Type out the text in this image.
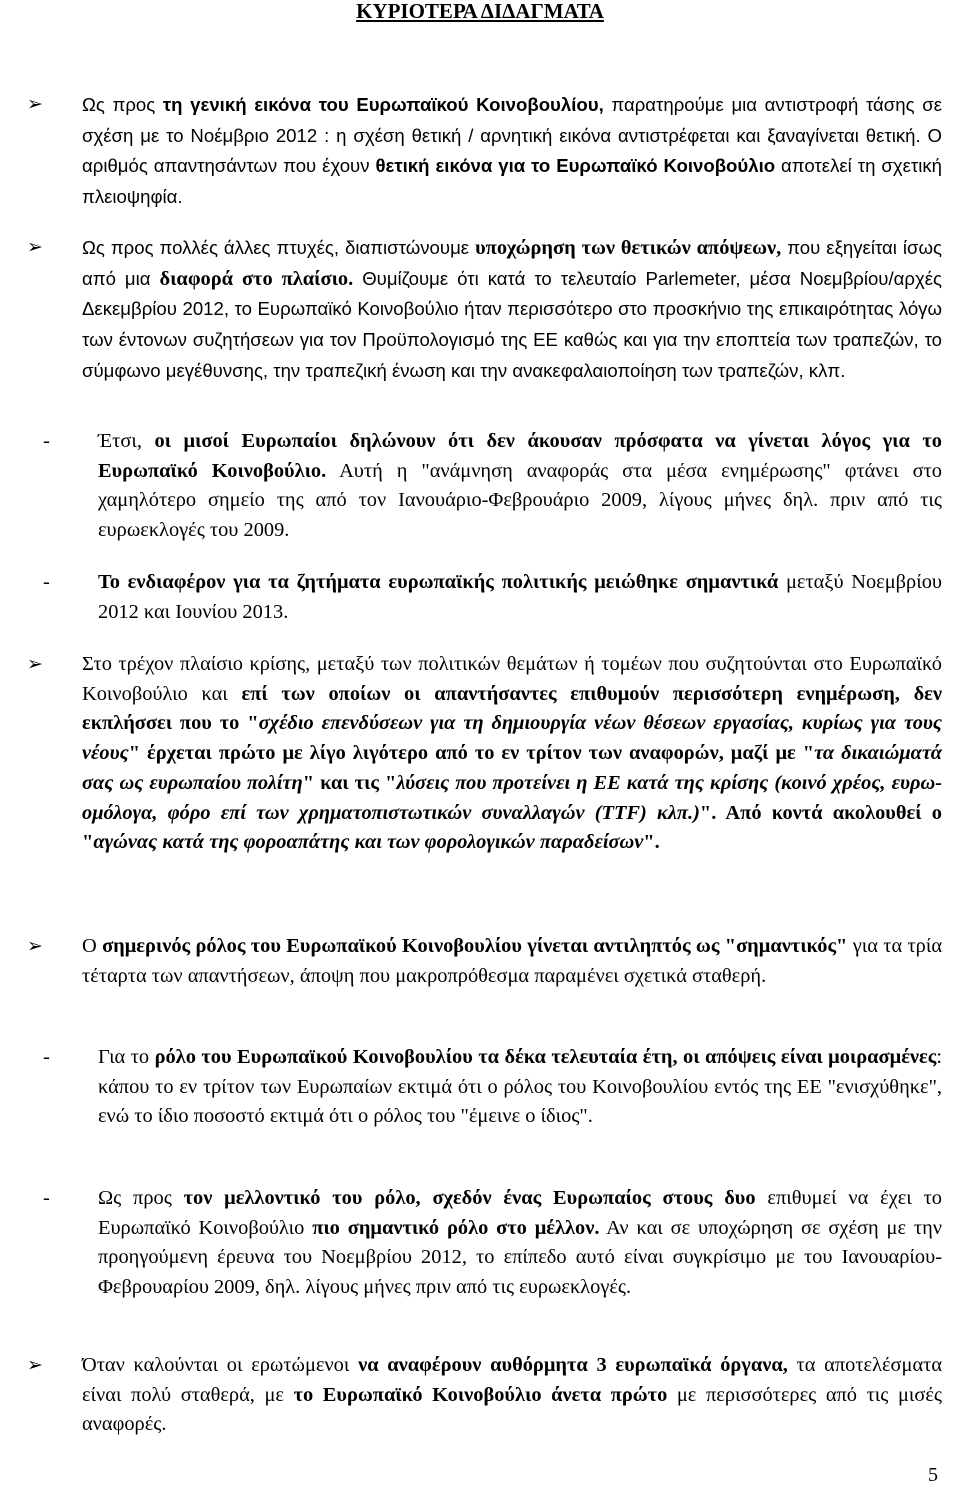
ΚΥΡΙΟΤΕΡΑ ΔΙΔΑΓΜΑΤΑ
➢ Ως προς τη γενική εικόνα του Ευρωπαϊκού Κοινοβουλίου, παρατηρούμε μια αντιστροφή τάσης σε σχέση με το Νοέμβριο 2012 : η σχέση θετική / αρνητική εικόνα αντιστρέφεται και ξαναγίνεται θετική. Ο αριθμός απαντησάντων που έχουν θετική εικόνα για το Ευρωπαϊκό Κοινοβούλιο αποτελεί τη σχετική πλειοψηφία.
➢ Ως προς πολλές άλλες πτυχές, διαπιστώνουμε υποχώρηση των θετικών απόψεων, που εξηγείται ίσως από μια διαφορά στο πλαίσιο. Θυμίζουμε ότι κατά το τελευταίο Parlemeter, μέσα Νοεμβρίου/αρχές Δεκεμβρίου 2012, το Ευρωπαϊκό Κοινοβούλιο ήταν περισσότερο στο προσκήνιο της επικαιρότητας λόγω των έντονων συζητήσεων για τον Προϋπολογισμό της ΕΕ καθώς και για την εποπτεία των τραπεζών, το σύμφωνο μεγέθυνσης, την τραπεζική ένωση και την ανακεφαλαιοποίηση των τραπεζών, κλπ.
- Έτσι, οι μισοί Ευρωπαίοι δηλώνουν ότι δεν άκουσαν πρόσφατα να γίνεται λόγος για το Ευρωπαϊκό Κοινοβούλιο. Αυτή η "ανάμνηση αναφοράς στα μέσα ενημέρωσης" φτάνει στο χαμηλότερο σημείο της από τον Ιανουάριο-Φεβρουάριο 2009, λίγους μήνες δηλ. πριν από τις ευρωεκλογές του 2009.
- Το ενδιαφέρον για τα ζητήματα ευρωπαϊκής πολιτικής μειώθηκε σημαντικά μεταξύ Νοεμβρίου 2012 και Ιουνίου 2013.
➢ Στο τρέχον πλαίσιο κρίσης, μεταξύ των πολιτικών θεμάτων ή τομέων που συζητούνται στο Ευρωπαϊκό Κοινοβούλιο και επί των οποίων οι απαντήσαντες επιθυμούν περισσότερη ενημέρωση, δεν εκπλήσσει που το "σχέδιο επενδύσεων για τη δημιουργία νέων θέσεων εργασίας, κυρίως για τους νέους" έρχεται πρώτο με λίγο λιγότερο από το εν τρίτον των αναφορών, μαζί με "τα δικαιώματά σας ως ευρωπαίου πολίτη" και τις "λύσεις που προτείνει η ΕΕ κατά της κρίσης (κοινό χρέος, ευρω-ομόλογα, φόρο επί των χρηματοπιστωτικών συναλλαγών (TTF) κλπ.)". Από κοντά ακολουθεί ο "αγώνας κατά της φοροαπάτης και των φορολογικών παραδείσων".
➢ Ο σημερινός ρόλος του Ευρωπαϊκού Κοινοβουλίου γίνεται αντιληπτός ως "σημαντικός" για τα τρία τέταρτα των απαντήσεων, άποψη που μακροπρόθεσμα παραμένει σχετικά σταθερή.
- Για το ρόλο του Ευρωπαϊκού Κοινοβουλίου τα δέκα τελευταία έτη, οι απόψεις είναι μοιρασμένες: κάπου το εν τρίτον των Ευρωπαίων εκτιμά ότι ο ρόλος του Κοινοβουλίου εντός της ΕΕ "ενισχύθηκε", ενώ το ίδιο ποσοστό εκτιμά ότι ο ρόλος του "έμεινε ο ίδιος".
- Ως προς τον μελλοντικό του ρόλο, σχεδόν ένας Ευρωπαίος στους δυο επιθυμεί να έχει το Ευρωπαϊκό Κοινοβούλιο πιο σημαντικό ρόλο στο μέλλον. Αν και σε υποχώρηση σε σχέση με την προηγούμενη έρευνα του Νοεμβρίου 2012, το επίπεδο αυτό είναι συγκρίσιμο με του Ιανουαρίου-Φεβρουαρίου 2009, δηλ. λίγους μήνες πριν από τις ευρωεκλογές.
➢ Όταν καλούνται οι ερωτώμενοι να αναφέρουν αυθόρμητα 3 ευρωπαϊκά όργανα, τα αποτελέσματα είναι πολύ σταθερά, με το Ευρωπαϊκό Κοινοβούλιο άνετα πρώτο με περισσότερες από τις μισές αναφορές.
5
